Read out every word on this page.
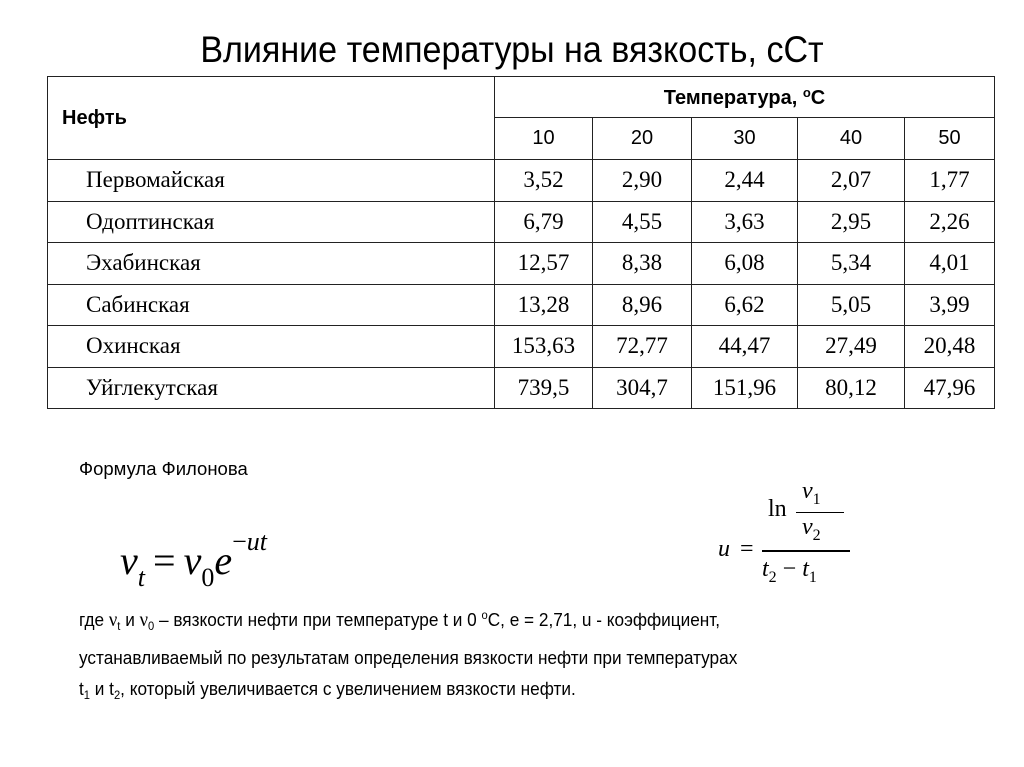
Влияние температуры на вязкость, сСт
Нефть	Температура, $^o$С				
	10	20	30	40	50
Первомайская	3,52	2,90	2,44	2,07	1,77
Одоптинская	6,79	4,55	3,63	2,95	2,26
Эхабинская	12,57	8,38	6,08	5,34	4,01
Сабинская	13,28	8,96	6,62	5,05	3,99
Охинская	153,63	72,77	44,47	27,49	20,48
Уйглекутская	739,5	304,7	151,96	80,12	47,96
Формула Филонова
$\nu_t = \nu_0e^{-ut}$	u =
ln
$\nu_1$
$\nu_2$
$t_2 - t_1$
где $\nu_t$ и $\nu_0$ – вязкости нефти при температуре t и 0 $^о$С, е = 2,71, u - коэффициент, устанавливаемый по результатам определения вязкости нефти при температурах $t_1$ и $t_2$, который увеличивается с увеличением вязкости нефти.
